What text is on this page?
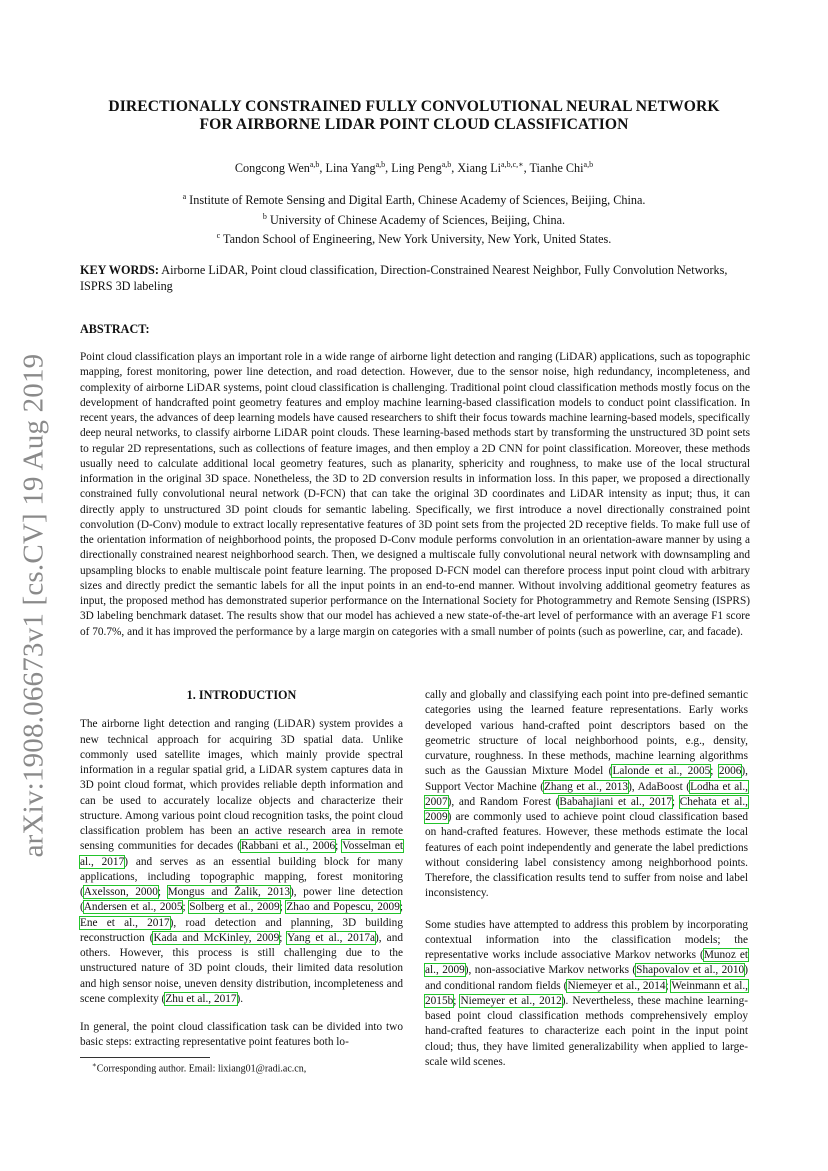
arXiv:1908.06673v1 [cs.CV] 19 Aug 2019
DIRECTIONALLY CONSTRAINED FULLY CONVOLUTIONAL NEURAL NETWORK
FOR AIRBORNE LIDAR POINT CLOUD CLASSIFICATION
Congcong Wen$^{a,b}$, Lina Yang$^{a,b}$, Ling Peng$^{a,b}$, Xiang $Li^{a,b,c,∗}$, Tianhe Chi$^{a,b}$
$^a$ Institute of Remote Sensing and Digital Earth, Chinese Academy of Sciences, Beijing, China.
$^b$ University of Chinese Academy of Sciences, Beijing, China.
$^c$ Tandon School of Engineering, New York University, New York, United States.
KEY WORDS: Airborne LiDAR, Point cloud classification, Direction-Constrained Nearest Neighbor, Fully Convolution Networks, ISPRS 3D labeling
ABSTRACT:
Point cloud classification plays an important role in a wide range of airborne light detection and ranging (LiDAR) applications, such as topographic mapping, forest monitoring, power line detection, and road detection. However, due to the sensor noise, high redundancy, incompleteness, and complexity of airborne LiDAR systems, point cloud classification is challenging. Traditional point cloud classification methods mostly focus on the development of handcrafted point geometry features and employ machine learning-based classification models to conduct point classification. In recent years, the advances of deep learning models have caused researchers to shift their focus towards machine learning-based models, specifically deep neural networks, to classify airborne LiDAR point clouds. These learning-based methods start by transforming the unstructured 3D point sets to regular 2D representations, such as collections of feature images, and then employ a 2D CNN for point classification. Moreover, these methods usually need to calculate additional local geometry features, such as planarity, sphericity and roughness, to make use of the local structural information in the original 3D space. Nonetheless, the 3D to 2D conversion results in information loss. In this paper, we proposed a directionally constrained fully convolutional neural network (D-FCN) that can take the original 3D coordinates and LiDAR intensity as input; thus, it can directly apply to unstructured 3D point clouds for semantic labeling. Specifically, we first introduce a novel directionally constrained point convolution (D-Conv) module to extract locally representative features of 3D point sets from the projected 2D receptive fields. To make full use of the orientation information of neighborhood points, the proposed D-Conv module performs convolution in an orientation-aware manner by using a directionally constrained nearest neighborhood search. Then, we designed a multiscale fully convolutional neural network with downsampling and upsampling blocks to enable multiscale point feature learning. The proposed D-FCN model can therefore process input point cloud with arbitrary sizes and directly predict the semantic labels for all the input points in an end-to-end manner. Without involving additional geometry features as input, the proposed method has demonstrated superior performance on the International Society for Photogrammetry and Remote Sensing (ISPRS) 3D labeling benchmark dataset. The results show that our model has achieved a new state-of-the-art level of performance with an average F1 score of 70.7%, and it has improved the performance by a large margin on categories with a small number of points (such as powerline, car, and facade).
1. INTRODUCTION

The airborne light detection and ranging (LiDAR) system provides a new technical approach for acquiring 3D spatial data. Unlike commonly used satellite images, which mainly provide spectral information in a regular spatial grid, a LiDAR system captures data in 3D point cloud format, which provides reliable depth information and can be used to accurately localize objects and characterize their structure. Among various point cloud recognition tasks, the point cloud classification problem has been an active research area in remote sensing communities for decades (Rabbani et al., 2006; Vosselman et al., 2017) and serves as an essential building block for many applications, including topographic mapping, forest monitoring (Axelsson, 2000; Mongus and Žalik, 2013), power line detection (Andersen et al., 2005; Solberg et al., 2009; Zhao and Popescu, 2009; Ene et al., 2017), road detection and planning, 3D building reconstruction (Kada and McKinley, 2009; Yang et al., 2017a), and others. However, this process is still challenging due to the unstructured nature of 3D point clouds, their limited data resolution and high sensor noise, uneven density distribution, incompleteness and scene complexity (Zhu et al., 2017).

In general, the point cloud classification task can be divided into two basic steps: extracting representative point features both lo-

cally and globally and classifying each point into pre-defined semantic categories using the learned feature representations. Early works developed various hand-crafted point descriptors based on the geometric structure of local neighborhood points, e.g., density, curvature, roughness. In these methods, machine learning algorithms such as the Gaussian Mixture Model (Lalonde et al., 2005; 2006), Support Vector Machine (Zhang et al., 2013), AdaBoost (Lodha et al., 2007), and Random Forest (Babahajiani et al., 2017; Chehata et al., 2009) are commonly used to achieve point cloud classification based on hand-crafted features. However, these methods estimate the local features of each point independently and generate the label predictions without considering label consistency among neighborhood points. Therefore, the classification results tend to suffer from noise and label inconsistency.

Some studies have attempted to address this problem by incorporating contextual information into the classification models; the representative works include associative Markov networks (Munoz et al., 2009), non-associative Markov networks (Shapovalov et al., 2010) and conditional random fields (Niemeyer et al., 2014; Weinmann et al., 2015b; Niemeyer et al., 2012). Nevertheless, these machine learning-based point cloud classification methods comprehensively employ hand-crafted features to characterize each point in the input point cloud; thus, they have limited generalizability when applied to large-scale wild scenes.

∗Corresponding author. Email: lixiang01@radi.ac.cn,
